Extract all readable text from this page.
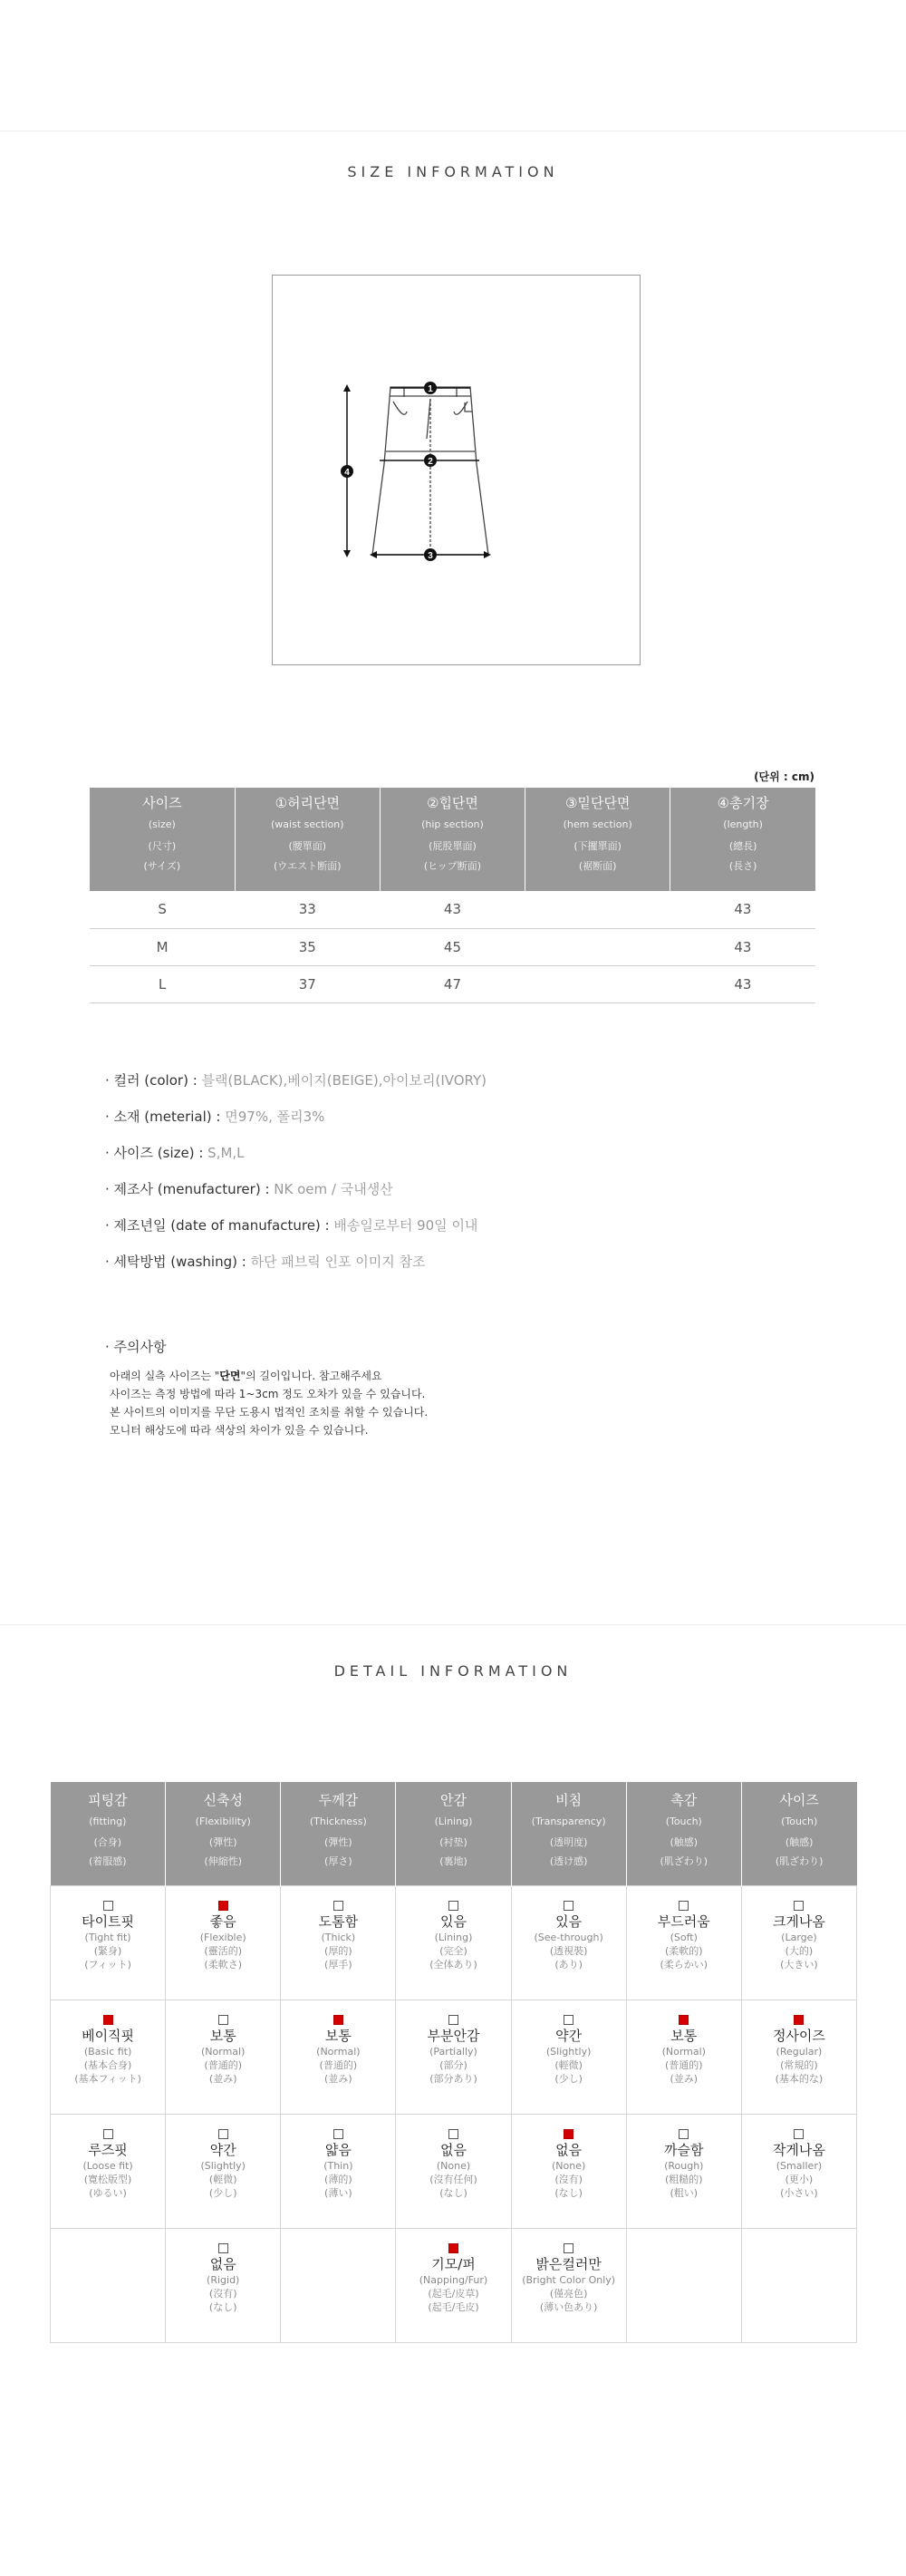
SIZE INFORMATION
1
2
3
4
(단위 : cm)
사이즈
(size)
(尺寸)
(サイズ)	①허리단면
(waist section)
(腰單面)
(ウエスト断面)	②힙단면
(hip section)
(屁股單面)
(ヒップ断面)	③밑단단면
(hem section)
(下擺單面)
(裾断面)	④총기장
(length)
(總長)
(長さ)

S	33	43		43
M	35	45		43
L	37	47		43
· 컬러 (color) : 블랙(BLACK),베이지(BEIGE),아이보리(IVORY)
· 소재 (meterial) : 면97%, 폴리3%
· 사이즈 (size) : S,M,L
· 제조사 (menufacturer) : NK oem / 국내생산
· 제조년일 (date of manufacture) : 배송일로부터 90일 이내
· 세탁방법 (washing) : 하단 패브릭 인포 이미지 참조
· 주의사항
아래의 실측 사이즈는 "단면"의 길이입니다. 참고해주세요
사이즈는 측정 방법에 따라 1~3cm 정도 오차가 있을 수 있습니다.
본 사이트의 이미지를 무단 도용시 법적인 조치를 취할 수 있습니다.
모니터 해상도에 따라 색상의 차이가 있을 수 있습니다.
DETAIL INFORMATION
피팅감
(fitting)
(合身)
(着服感)	신축성
(Flexibility)
(彈性)
(伸縮性)	두께감
(Thickness)
(彈性)
(厚さ)	안감
(Lining)
(衬垫)
(裏地)	비침
(Transparency)
(透明度)
(透け感)	촉감
(Touch)
(触感)
(肌ざわり)	사이즈
(Touch)
(触感)
(肌ざわり)

타이트핏
(Tight fit)
(緊身)
(フィット)	좋음
(Flexible)
(靈活的)
(柔軟さ)	도톰함
(Thick)
(厚的)
(厚手)	있음
(Lining)
(完全)
(全体あり)	있음
(See-through)
(透視裝)
(あり)	부드러움
(Soft)
(柔軟的)
(柔らかい)	크게나옴
(Large)
(大的)
(大きい)

베이직핏
(Basic fit)
(基本合身)
(基本フィット)	보통
(Normal)
(普通的)
(並み)	보통
(Normal)
(普通的)
(並み)	부분안감
(Partially)
(部分)
(部分あり)	약간
(Slightly)
(輕微)
(少し)	보통
(Normal)
(普通的)
(並み)	정사이즈
(Regular)
(常規的)
(基本的な)

루즈핏
(Loose fit)
(寛松版型)
(ゆるい)	약간
(Slightly)
(輕微)
(少し)	얇음
(Thin)
(薄的)
(薄い)	없음
(None)
(沒有任何)
(なし)	없음
(None)
(沒有)
(なし)	까슬함
(Rough)
(粗糙的)
(粗い)	작게나옴
(Smaller)
(更小)
(小さい)

	없음
(Rigid)
(沒有)
(なし)		기모/퍼
(Napping/Fur)
(起毛/皮草)
(起毛/毛皮)	밝은컬러만
(Bright Color Only)
(僅亮色)
(薄い色あり)		
